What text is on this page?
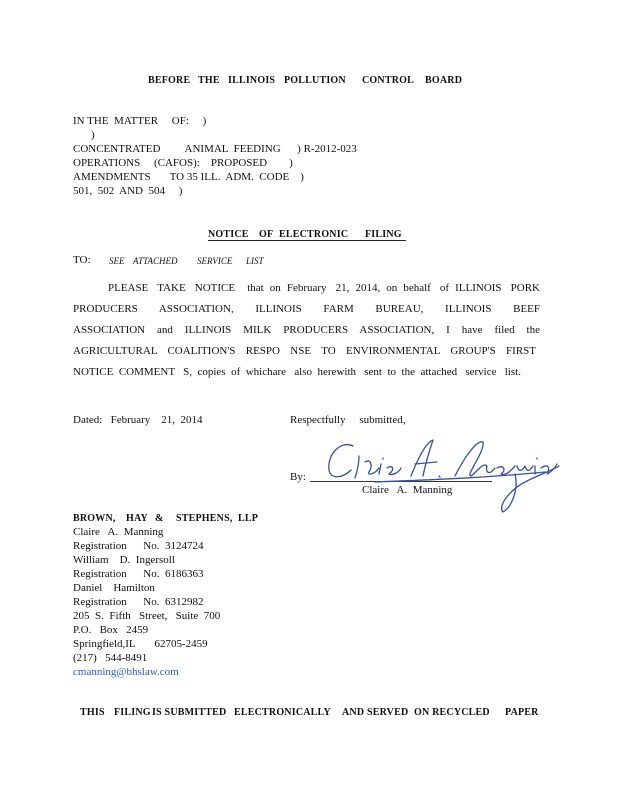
BEFORE THE ILLINOIS POLLUTION CONTROL BOARD
IN THE  MATTER     OF:     )
)
CONCENTRATED         ANIMAL  FEEDING      ) R-2012-023
OPERATIONS     (CAFOS):    PROPOSED        )
AMENDMENTS       TO 35 ILL.  ADM.  CODE    )
501,  502  AND  504     )
NOTICE OF ELECTRONIC FILING
TO: SEE ATTACHED SERVICE LIST
PLEASE   TAKE   NOTICE    that  on  February   21,  2014,  on  behalf   of  ILLINOIS   PORK
PRODUCERS ASSOCIATION, ILLINOIS FARM BUREAU, ILLINOIS BEEF
ASSOCIATION and ILLINOIS MILK PRODUCERS ASSOCIATION, I have filed the
AGRICULTURAL COALITION'S RESPO NSE TO ENVIRONMENTAL GROUP'S FIRST
NOTICE  COMMENT   S,  copies  of  whichare   also  herewith   sent  to  the  attached   service   list.
Dated:   February    21,  2014	Respectfully     submitted,
By:
Claire   A.  Manning
BROWN, HAY & STEPHENS, LLP
Claire   A.  Manning
Registration      No.  3124724
William    D.  Ingersoll
Registration      No.  6186363
Daniel    Hamilton
Registration      No.  6312982
205  S.  Fifth   Street,   Suite  700
P.O.   Box   2459
Springfield,IL       62705-2459
(217)   544-8491
cmanning@bhslaw.com
THIS FILING IS SUBMITTED ELECTRONICALLY AND SERVED ON RECYCLED PAPER
